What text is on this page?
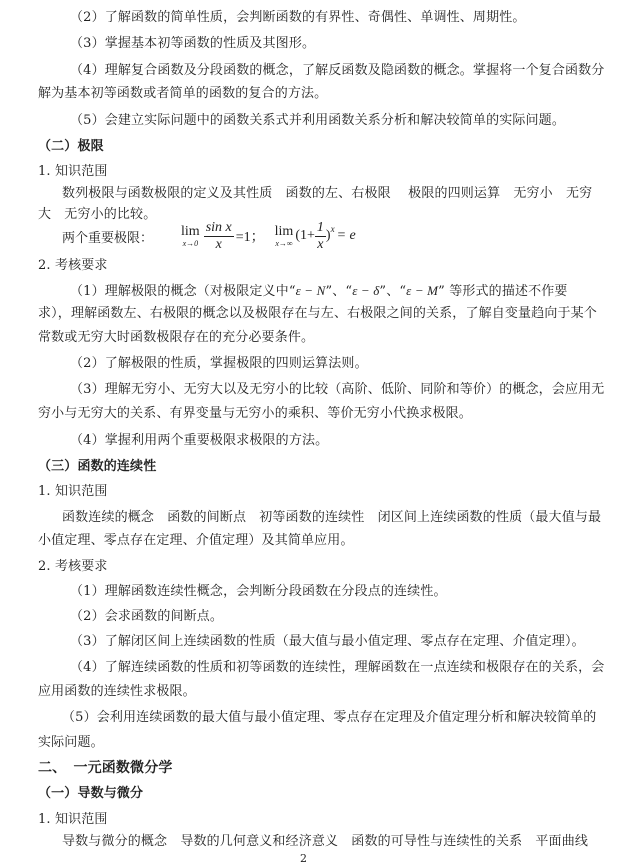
（2）了解函数的简单性质，会判断函数的有界性、奇偶性、单调性、周期性。
（3）掌握基本初等函数的性质及其图形。
（4）理解复合函数及分段函数的概念，了解反函数及隐函数的概念。掌握将一个复合函数分
解为基本初等函数或者简单的函数的复合的方法。
（5）会建立实际问题中的函数关系式并利用函数关系分析和解决较简单的实际问题。
（二）极限
1. 知识范围
数列极限与函数极限的定义及其性质　函数的左、右极限　 极限的四则运算　无穷小　无穷
大　无穷小的比较。
两个重要极限： lim
$x\to 0 \frac{\text{sin x}}{x} =1$； lim
x→∞ $(1+ \frac{1}{x} )^x = e$
2. 考核要求
（1）理解极限的概念（对极限定义中“ε − N”、“ε − δ”、“ε − M” 等形式的描述不作要
求），理解函数左、右极限的概念以及极限存在与左、右极限之间的关系，了解自变量趋向于某个
常数或无穷大时函数极限存在的充分必要条件。
（2）了解极限的性质，掌握极限的四则运算法则。
（3）理解无穷小、无穷大以及无穷小的比较（高阶、低阶、同阶和等价）的概念，会应用无
穷小与无穷大的关系、有界变量与无穷小的乘积、等价无穷小代换求极限。
（4）掌握利用两个重要极限求极限的方法。
（三）函数的连续性
1. 知识范围
函数连续的概念　函数的间断点　初等函数的连续性　闭区间上连续函数的性质（最大值与最
小值定理、零点存在定理、介值定理）及其简单应用。
2. 考核要求
（1）理解函数连续性概念，会判断分段函数在分段点的连续性。
（2）会求函数的间断点。
（3）了解闭区间上连续函数的性质（最大值与最小值定理、零点存在定理、介值定理）。
（4）了解连续函数的性质和初等函数的连续性，理解函数在一点连续和极限存在的关系，会
应用函数的连续性求极限。
（5）会利用连续函数的最大值与最小值定理、零点存在定理及介值定理分析和解决较简单的
实际问题。
二、　一元函数微分学
（一）导数与微分
1. 知识范围
导数与微分的概念　导数的几何意义和经济意义　函数的可导性与连续性的关系　平面曲线
2
